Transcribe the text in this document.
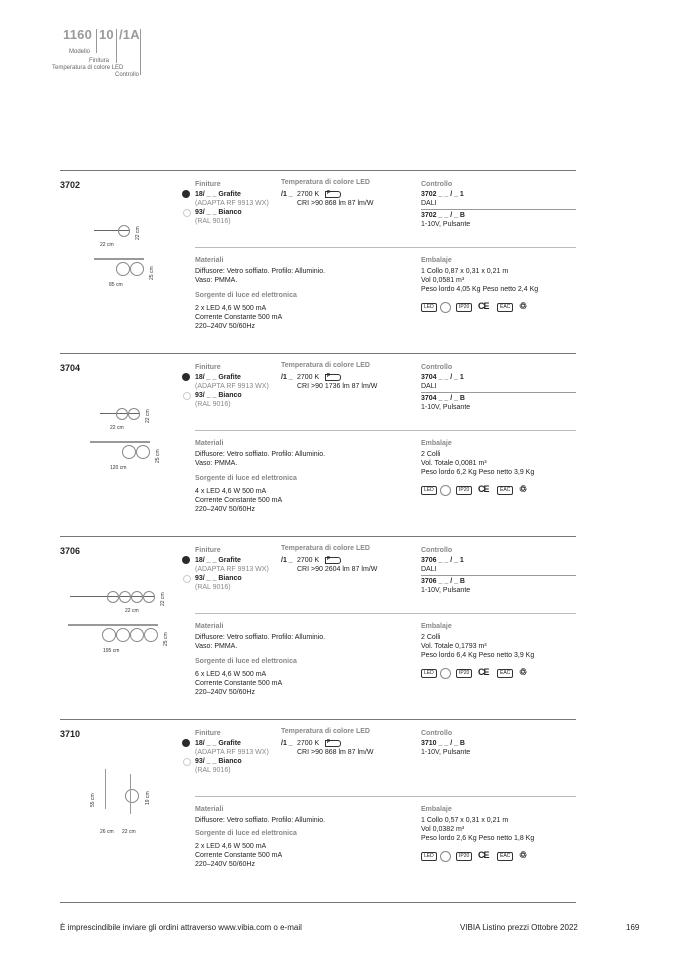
1160 10 /1A
Modello
Finitura
Temperatura di colore LED
Controllo
3702	Finiture
18/ _ _ Grafite
(ADAPTA RF 9913 WX)
93/ _ _ Bianco
(RAL 9016)
Temperatura di colore LED
/1 _ 2700 K F
CRI >90 868 lm 87 lm/W
Controllo
3702 _ _ / _ 1
DALI
3702 _ _ / _ B
1-10V, Pulsante
Materiali
Diffusore: Vetro soffiato. Profilo: Alluminio.
Vaso: PMMA.
Sorgente di luce ed elettronica
2 x LED 4,6 W 500 mA
Corrente Constante 500 mA
220–240V 50/60Hz
Embalaje
1 Collo 0,87 x 0,31 x 0,21 m
Vol 0,0581 m³
Peso lordo 4,05 Kg Peso netto 2,4 Kg
LED	IP20 CE	EAC ♲
22 cm
22 cm
25 cm
85 cm
3704	Finiture
18/ _ _ Grafite
(ADAPTA RF 9913 WX)
93/ _ _ Bianco
(RAL 9016)
Temperatura di colore LED
/1 _ 2700 K F
CRI >90 1736 lm 87 lm/W
Controllo
3704 _ _ / _ 1
DALI
3704 _ _ / _ B
1-10V, Pulsante
Materiali
Diffusore: Vetro soffiato. Profilo: Alluminio.
Vaso: PMMA.
Sorgente di luce ed elettronica
4 x LED 4,6 W 500 mA
Corrente Constante 500 mA
220–240V 50/60Hz
Embalaje
2 Colli
Vol. Totale 0,0081 m³
Peso lordo 6,2 Kg Peso netto 3,9 Kg
LED	IP20 CE	EAC ♲
22 cm
22 cm
25 cm
120 cm
3706	Finiture
18/ _ _ Grafite
(ADAPTA RF 9913 WX)
93/ _ _ Bianco
(RAL 9016)
Temperatura di colore LED
/1 _ 2700 K F
CRI >90 2604 lm 87 lm/W
Controllo
3706 _ _ / _ 1
DALI
3706 _ _ / _ B
1-10V, Pulsante
Materiali
Diffusore: Vetro soffiato. Profilo: Alluminio.
Vaso: PMMA.
Sorgente di luce ed elettronica
6 x LED 4,6 W 500 mA
Corrente Constante 500 mA
220–240V 50/60Hz
Embalaje
2 Colli
Vol. Totale 0,1793 m³
Peso lordo 6,4 Kg Peso netto 3,9 Kg
LED	IP20 CE	EAC ♲
22 cm
22 cm
25 cm
195 cm
3710	Finiture
18/ _ _ Grafite
(ADAPTA RF 9913 WX)
93/ _ _ Bianco
(RAL 9016)
Temperatura di colore LED
/1 _ 2700 K F
CRI >90 868 lm 87 lm/W
Controllo
3710 _ _ / _ B
1-10V, Pulsante
Materiali
Diffusore: Vetro soffiato. Profilo: Alluminio.
Sorgente di luce ed elettronica
2 x LED 4,6 W 500 mA
Corrente Constante 500 mA
220–240V 50/60Hz
Embalaje
1 Collo 0,57 x 0,31 x 0,21 m
Vol 0,0382 m³
Peso lordo 2,6 Kg Peso netto 1,8 Kg
LED	IP20 CE	EAC ♲
55 cm	19 cm
26 cm 22 cm
È imprescindibile inviare gli ordini attraverso www.vibia.com o e-mail	VIBIA Listino prezzi Ottobre 2022	169
